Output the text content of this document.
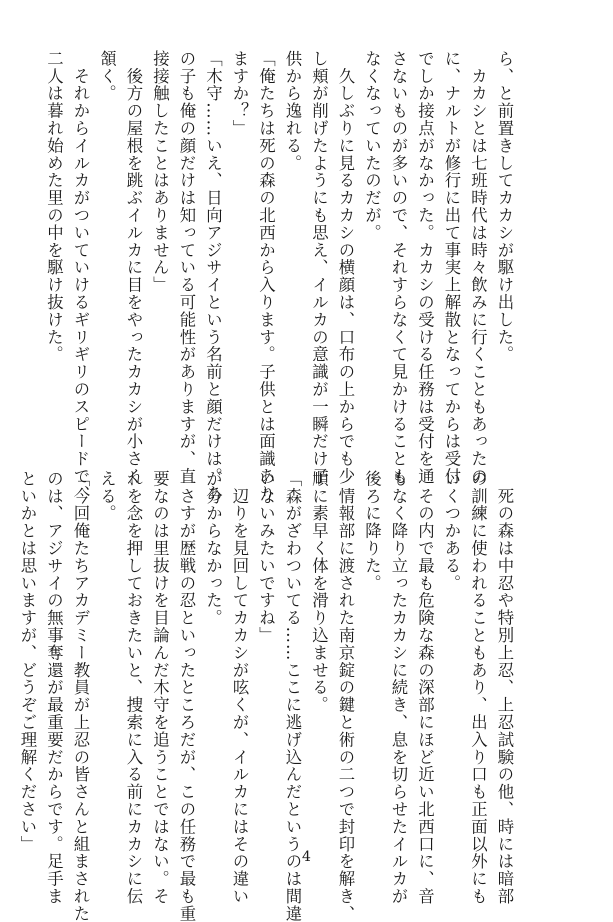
ら、と前置きしてカカシが駆け出した。
　カカシとは七班時代は時々飲みに行くこともあったの
に、ナルトが修行に出て事実上解散となってからは受付
でしか接点がなかった。カカシの受ける任務は受付を通
さないものが多いので、それすらなくて見かけることも
なくなっていたのだが。
　久しぶりに見るカカシの横顔は、口布の上からでも少
し頬が削げたようにも思え、イルカの意識が一瞬だけ子
供から逸れる。
「俺たちは死の森の北西から入ります。子供とは面識あり
ますか？」
「木守……いえ、日向アジサイという名前と顔だけは。あ
の子も俺の顔だけは知っている可能性がありますが、直
接接触したことはありません」
　後方の屋根を跳ぶイルカに目をやったカカシが小さく
頷く。
　それからイルカがついていけるギリギリのスピードで、
二人は暮れ始めた里の中を駆け抜けた。
　死の森は中忍や特別上忍、上忍試験の他、時には暗部
の訓練に使われることもあり、出入り口も正面以外にも
いくつかある。
　その内で最も危険な森の深部にほど近い北西口に、音
もなく降り立ったカカシに続き、息を切らせたイルカが
後ろに降りた。
　情報部に渡された南京錠の鍵と術の二つで封印を解き、
順に素早く体を滑り込ませる。
「森がざわついてる……ここに逃げ込んだというのは間違
いないみたいですね」
　辺りを見回してカカシが呟くが、イルカにはその違い
が分からなかった。
　さすが歴戦の忍といったところだが、この任務で最も重
要なのは里抜けを目論んだ木守を追うことではない。そ
れを念を押しておきたいと、捜索に入る前にカカシに伝
える。
「今回俺たちアカデミー教員が上忍の皆さんと組まされた
のは、アジサイの無事奪還が最重要だからです。足手ま
といかとは思いますが、どうぞご理解ください」
4
